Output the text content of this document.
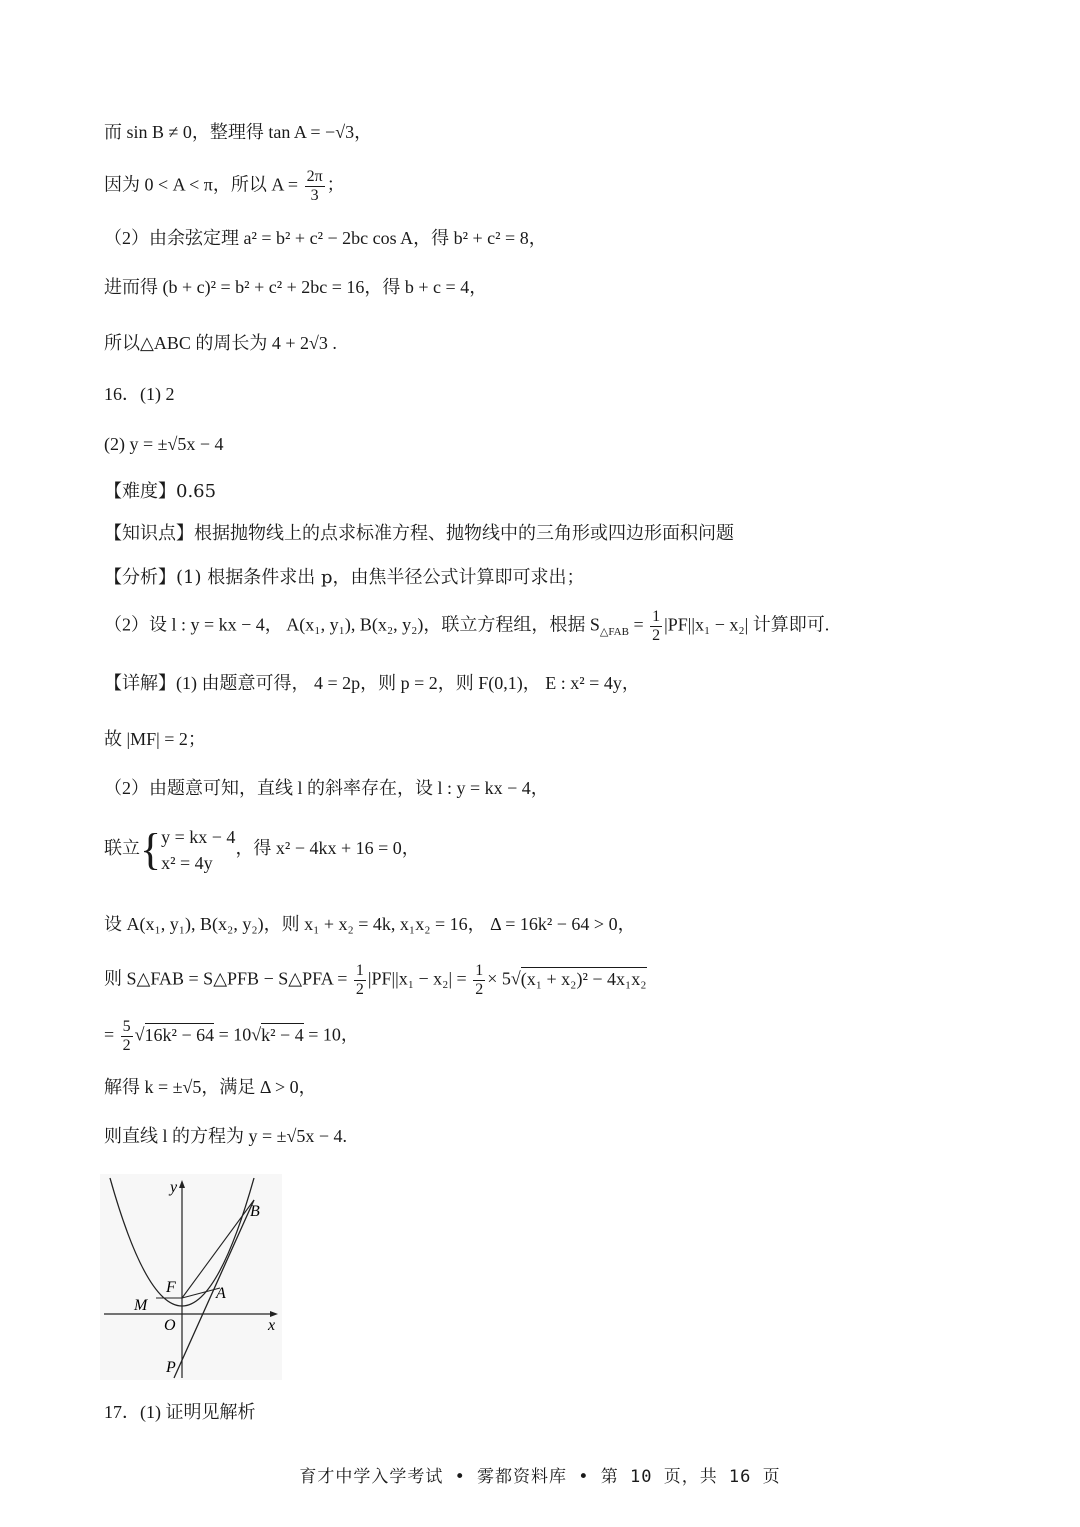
而 sin B ≠ 0，整理得 tan A = −√3，
因为 0 < A < π，所以 $A = \frac{2\pi}{3}$ ；
（2）由余弦定理 a² = b² + c² − 2bc cos A，得 b² + c² = 8，
进而得 (b + c)² = b² + c² + 2bc = 16，得 b + c = 4，
所以△ABC 的周长为 4 + 2√3 .
16．(1) 2
(2) y = ±√5x − 4
【难度】0.65
【知识点】根据抛物线上的点求标准方程、抛物线中的三角形或四边形面积问题
【分析】(1) 根据条件求出 p，由焦半径公式计算即可求出；
（2）设 l : y = kx − 4， A(x₁, y₁), B(x₂, y₂)，联立方程组，根据 $S_{\triangle FAB} = \frac{1}{2} |PF||x_1 - x_2|$ 计算即可.
【详解】(1) 由题意可得， 4 = 2p，则 p = 2，则 F(0,1)， E : x² = 4y，
故 |MF| = 2；
（2）由题意可知，直线 l 的斜率存在，设 l : y = kx − 4，
联立{ y = kx − 4
x² = 4y
，得 x² − 4kx + 16 = 0，
设 A(x₁, y₁), B(x₂, y₂)，则 x₁ + x₂ = 4k, x₁x₂ = 16， Δ = 16k² − 64 > 0，
则 S△FAB = S△PFB − S△PFA = $\frac{1}{2} |PF||x_1 - x_2| = \frac{1}{2} \times 5√(x_1 + x_2)^2 - 4x_1x_2$
= $\frac{5}{2} √16k^2 - 64 = 10√k^2 - 4 = 10$，
解得 k = ±√5，满足 Δ > 0，
则直线 l 的方程为 y = ±√5x − 4.
y
x
O
F	A
B
M
P
17．(1) 证明见解析
育才中学入学考试 • 雾都资料库 • 第 10 页，共 16 页
